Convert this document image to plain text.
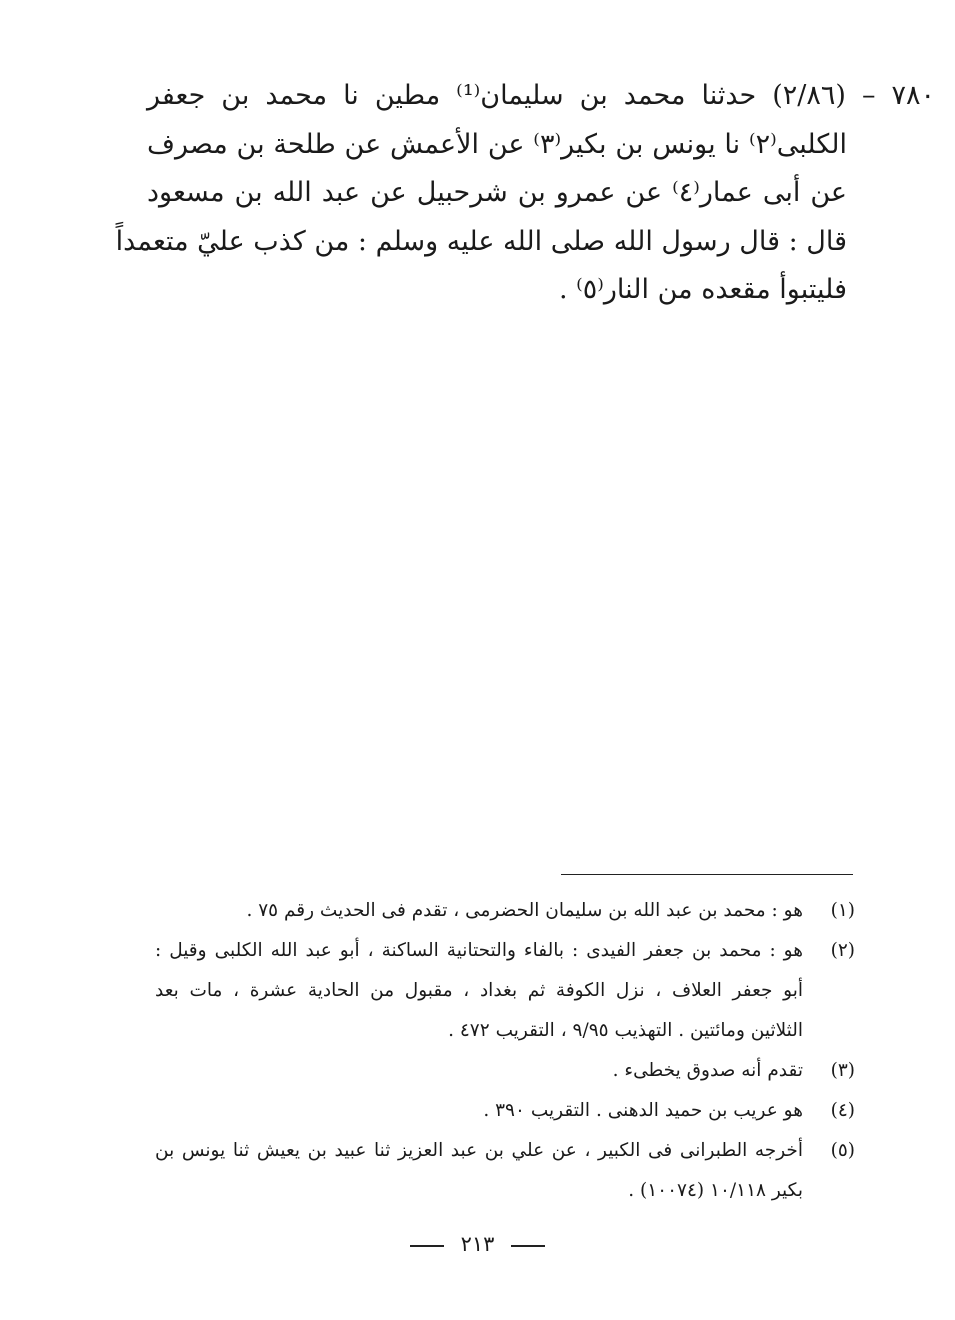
٧٨٠ – (٢/٨٦) حدثنا محمد بن سليمان⁽¹⁾ مطين نا محمد بن جعفر
الكلبى⁽٢⁾ نا يونس بن بكير⁽٣⁾ عن الأعمش عن طلحة بن مصرف
عن أبى عمار⁽٤⁾ عن عمرو بن شرحبيل عن عبد الله بن مسعود
قال : قال رسول الله صلى الله عليه وسلم : من كذب عليّ متعمداً
فليتبوأ مقعده من النار⁽٥⁾ .
(١)
هو : محمد بن عبد الله بن سليمان الحضرمى ، تقدم فى الحديث رقم ٧٥ .
(٢)
هو : محمد بن جعفر الفيدى : بالفاء والتحتانية الساكنة ، أبو عبد الله الكلبى وقيل :
أبو جعفر العلاف ، نزل الكوفة ثم بغداد ، مقبول من الحادية عشرة ، مات بعد
الثلاثين ومائتين . التهذيب ٩/٩٥ ، التقريب ٤٧٢ .
(٣)
تقدم أنه صدوق يخطىء .
(٤)
هو عريب بن حميد الدهنى . التقريب ٣٩٠ .
(٥)
أخرجه الطبرانى فى الكبير ، عن علي بن عبد العزيز ثنا عبيد بن يعيش ثنا يونس بن
بكير ١٠/١١٨ (١٠٠٧٤) .
٢١٣
